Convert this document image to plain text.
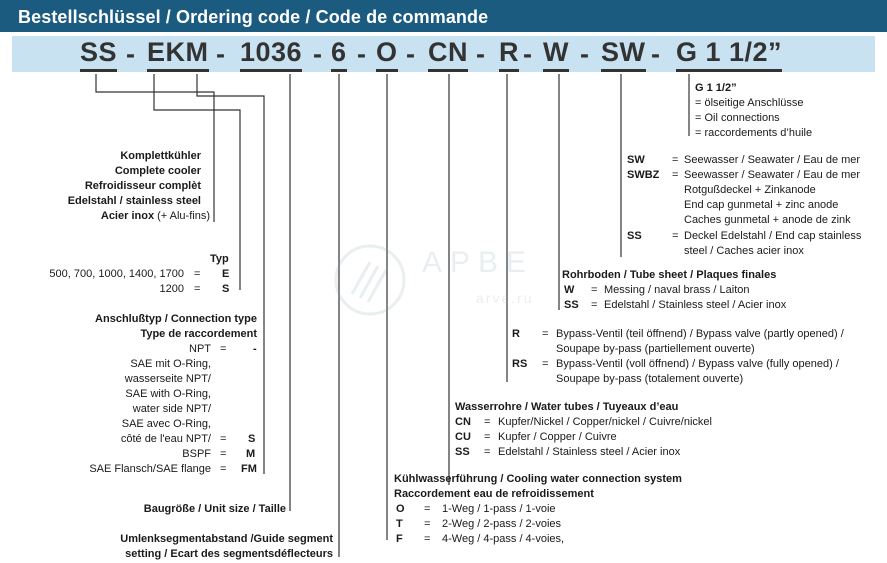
Bestellschlüssel / Ordering code / Code de commande
SS - EKM - 1036 - 6 - O - CN - R - W - SW - G 1 1/2”
АРВЕ
arve.ru
Komplettkühler
Complete cooler
Refroidisseur complèt
Edelstahl / stainless steel
Acier inox (+ Alu-fins)
Typ
500, 700, 1000, 1400, 1700 = E
1200 = S
Anschlußtyp / Connection type
Type de raccordement
NPT = -
SAE mit O-Ring,
wasserseite NPT/
SAE with O-Ring,
water side NPT/
SAE avec O-Ring,
côté de l'eau NPT/ = S
BSPF = M
SAE Flansch/SAE flange = FM
Baugröße / Unit size / Taille
Umlenksegmentabstand /Guide segment
setting / Ecart des segmentsdéflecteurs
Kühlwasserführung / Cooling water connection system
Raccordement eau de refroidissement
O = 1-Weg / 1-pass / 1-voie
T = 2-Weg / 2-pass / 2-voies
F = 4-Weg / 4-pass / 4-voies,
Wasserrohre / Water tubes / Tuyeaux d’eau
CN = Kupfer/Nickel / Copper/nickel / Cuivre/nickel
CU = Kupfer / Copper / Cuivre
SS = Edelstahl / Stainless steel / Acier inox
R = Bypass-Ventil (teil öffnend) / Bypass valve (partly opened) /
Soupape by-pass (partiellement ouverte)
RS = Bypass-Ventil (voll öffnend) / Bypass valve (fully opened) /
Soupape by-pass (totalement ouverte)
Rohrboden / Tube sheet / Plaques finales
W = Messing / naval brass / Laiton
SS = Edelstahl / Stainless steel / Acier inox
SW = Seewasser / Seawater / Eau de mer
SWBZ = Seewasser / Seawater / Eau de mer
Rotgußdeckel + Zinkanode
End cap gunmetal + zinc anode
Caches gunmetal + anode de zink
SS	= Deckel Edelstahl / End cap stainless
steel / Caches acier inox
G 1 1/2”
= ölseitige Anschlüsse
= Oil connections
= raccordements d’huile
